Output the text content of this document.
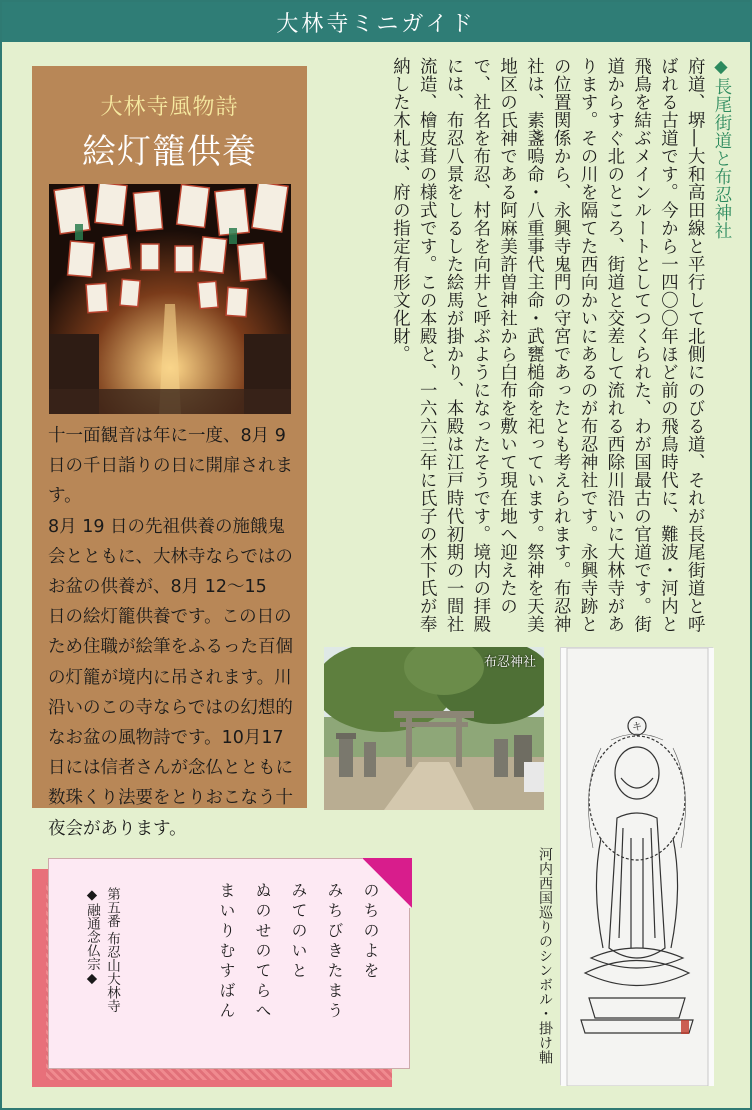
大林寺ミニガイド
大林寺風物詩
絵灯籠供養

十一面観音は年に一度、8月 9日の千日詣りの日に開扉されます。

8月 19 日の先祖供養の施餓鬼会とともに、大林寺ならではのお盆の供養が、8月 12〜15　日の絵灯籠供養です。この日のため住職が絵筆をふるった百個の灯籠が境内に吊されます。川沿いのこの寺ならではの幻想的なお盆の風物詩です。10月17 日には信者さんが念仏とともに数珠くり法要をとりおこなう十夜会があります。

◆長尾街道と布忍神社
府道、堺―大和高田線と平行して北側にのびる道、それが長尾街道と呼ばれる古道です。今から一四〇〇年ほど前の飛鳥時代に、難波・河内と飛鳥を結ぶメインルートとしてつくられた、わが国最古の官道です。街道からすぐ北のところ、街道と交差して流れる西除川沿いに大林寺があります。その川を隔てた西向かいにあるのが布忍神社です。永興寺跡との位置関係から、永興寺鬼門の守宮であったとも考えられます。布忍神社は、素盞嗚命・八重事代主命・武甕槌命を祀っています。祭神を天美地区の氏神である阿麻美許曽神社から白布を敷いて現在地へ迎えたので、社名を布忍、村名を向井と呼ぶようになったそうです。境内の拝殿には、布忍八景をしるした絵馬が掛かり、本殿は江戸時代初期の一間社流造、檜皮葺の様式です。この本殿と、一六六三年に氏子の木下氏が奉納した木札は、府の指定有形文化財。
布忍神社
キ
河内西国巡りのシンボル・掛け軸
のちのよを
みちびきたまう
みてのいと
ぬのせのてらへ
まいりむすばん
第五番 布忍山大林寺
◆融通念仏宗◆
